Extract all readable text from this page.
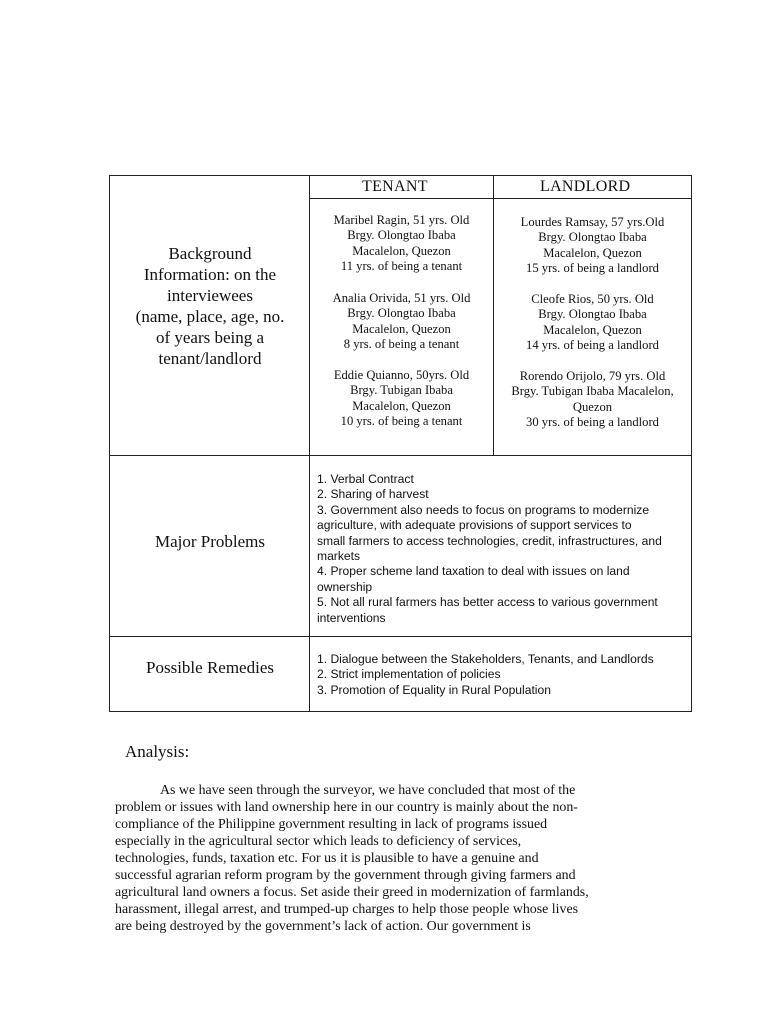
TENANT	LANDLORD
Background
Information: on the
interviewees
(name, place, age, no.
of years being a
tenant/landlord
Maribel Ragin, 51 yrs. Old
Brgy. Olongtao Ibaba
Macalelon, Quezon
11 yrs. of being a tenant
Analia Orivida, 51 yrs. Old
Brgy. Olongtao Ibaba
Macalelon, Quezon
8 yrs. of being a tenant
Eddie Quianno, 50yrs. Old
Brgy. Tubigan Ibaba
Macalelon, Quezon
10 yrs. of being a tenant
Lourdes Ramsay, 57 yrs.Old
Brgy. Olongtao Ibaba
Macalelon, Quezon
15 yrs. of being a landlord
Cleofe Rios, 50 yrs. Old
Brgy. Olongtao Ibaba
Macalelon, Quezon
14 yrs. of being a landlord
Rorendo Orijolo, 79 yrs. Old
Brgy. Tubigan Ibaba Macalelon,
Quezon
30 yrs. of being a landlord
Major Problems
1. Verbal Contract
2. Sharing of harvest
3. Government also needs to focus on programs to modernize
agriculture, with adequate provisions of support services to
small farmers to access technologies, credit, infrastructures, and
markets
4. Proper scheme land taxation to deal with issues on land
ownership
5. Not all rural farmers has better access to various government
interventions
Possible Remedies	1. Dialogue between the Stakeholders, Tenants, and Landlords
2. Strict implementation of policies
3. Promotion of Equality in Rural Population
Analysis:
As we have seen through the surveyor, we have concluded that most of the
problem or issues with land ownership here in our country is mainly about the non-
compliance of the Philippine government resulting in lack of programs issued
especially in the agricultural sector which leads to deficiency of services,
technologies, funds, taxation etc. For us it is plausible to have a genuine and
successful agrarian reform program by the government through giving farmers and
agricultural land owners a focus. Set aside their greed in modernization of farmlands,
harassment, illegal arrest, and trumped-up charges to help those people whose lives
are being destroyed by the government’s lack of action. Our government is
